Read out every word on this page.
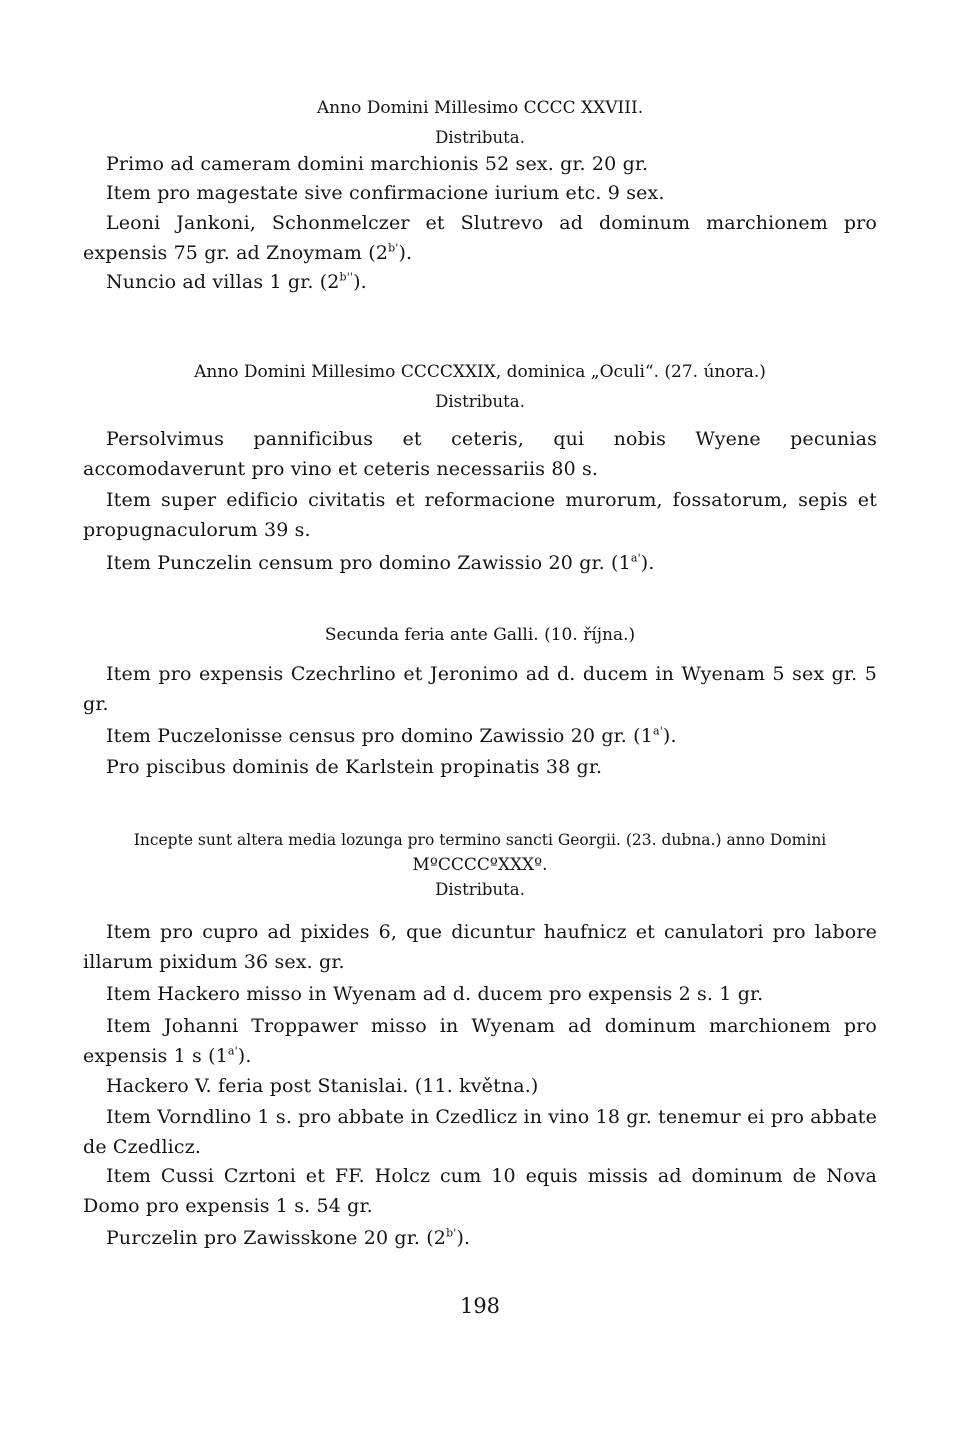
Anno Domini Millesimo CCCC XXVIII.
Distributa.

Primo ad cameram domini marchionis 52 sex. gr. 20 gr.

Item pro magestate sive confirmacione iurium etc. 9 sex.

Leoni Jankoni, Schonmelczer et Slutrevo ad dominum marchionem pro expensis 75 gr. ad Znoymam $(2^{b'})$.

Nuncio ad villas 1 gr. $(2^{b''})$.

Anno Domini Millesimo CCCCXXIX, dominica „Oculi“. (27. února.)
Distributa.

Persolvimus pannificibus et ceteris, qui nobis Wyene pecunias accomodaverunt pro vino et ceteris necessariis 80 s.

Item super edificio civitatis et reformacione murorum, fossatorum, sepis et propugnaculorum 39 s.

Item Punczelin censum pro domino Zawissio 20 gr. $(1^{a'})$.

Secunda feria ante Galli. (10. října.)

Item pro expensis Czechrlino et Jeronimo ad d. ducem in Wyenam 5 sex gr. 5 gr.

Item Puczelonisse census pro domino Zawissio 20 gr. $(1^{a'})$.

Pro piscibus dominis de Karlstein propinatis 38 gr.

Incepte sunt altera media lozunga pro termino sancti Georgii. (23. dubna.) anno Domini
MºCCCCºXXXº.
Distributa.

Item pro cupro ad pixides 6, que dicuntur haufnicz et canulatori pro labore illarum pixidum 36 sex. gr.

Item Hackero misso in Wyenam ad d. ducem pro expensis 2 s. 1 gr.

Item Johanni Troppawer misso in Wyenam ad dominum marchionem pro expensis 1 s $(1^{a'})$.

Hackero V. feria post Stanislai. (11. května.)

Item Vorndlino 1 s. pro abbate in Czedlicz in vino 18 gr. tenemur ei pro abbate de Czedlicz.

Item Cussi Czrtoni et FF. Holcz cum 10 equis missis ad dominum de Nova Domo pro expensis 1 s. 54 gr.

Purczelin pro Zawisskone 20 gr. $(2^{b'})$.

198
